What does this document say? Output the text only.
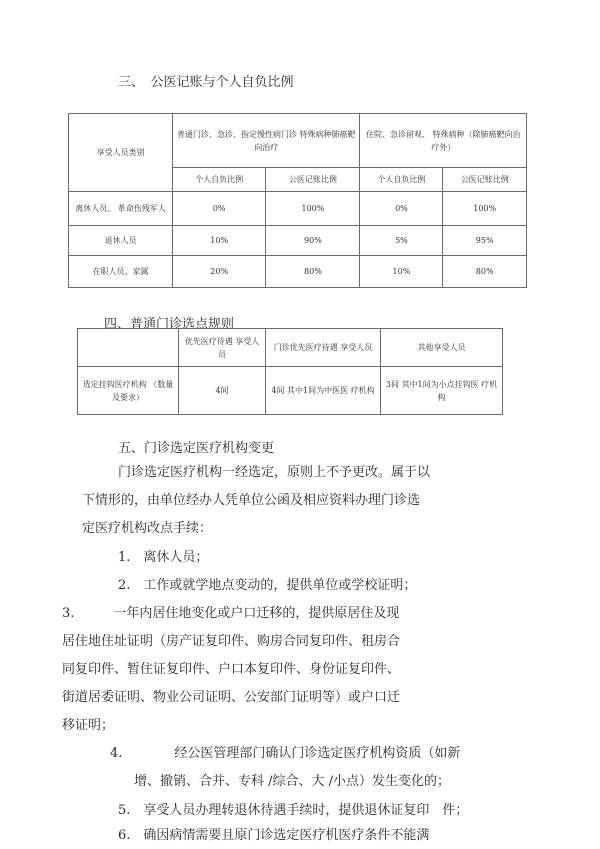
三、　公医记账与个人自负比例
享受人员类别	普通门诊、急诊、指定慢性病门诊 特殊病种肺癌靶向治疗		住院、急诊留观、 特殊病种（除肺癌靶向治疗外）	
	个人自负比例	公医记账比例	个人自负比例	公医记账比例
离休人员、 革命伤残军人	0%	100%	0%	100%
退休人员	10%	90%	5%	95%
在职人员、家属	20%	80%	10%	80%
四、普通门诊选点规则
	优先医疗待遇 享受人员	门诊优先医疗待遇 享受人员	其他享受人员
选定挂钩医疗机构 （数量及要求）	4间	4间 其中1间为中医医 疗机构	3间 其中1间为小点挂钩医 疗机构
五、门诊选定医疗机构变更
门诊选定医疗机构一经选定，原则上不予更改。属于以
下情形的，由单位经办人凭单位公函及相应资料办理门诊选
定医疗机构改点手续：
1.　离休人员；
2.　工作或就学地点变动的，提供单位或学校证明；
3.　　　一年内居住地变化或户口迁移的，提供原居住及现
居住地住址证明（房产证复印件、购房合同复印件、租房合
同复印件、暂住证复印件、户口本复印件、身份证复印件、
街道居委证明、物业公司证明、公安部门证明等）或户口迁
移证明；
4.　　　　经公医管理部门确认门诊选定医疗机构资质（如新
增、撤销、合并、专科 /综合、大 /小点）发生变化的；
5.　享受人员办理转退休待遇手续时，提供退休证复印　件；
6.　确因病情需要且原门诊选定医疗机医疗条件不能满
